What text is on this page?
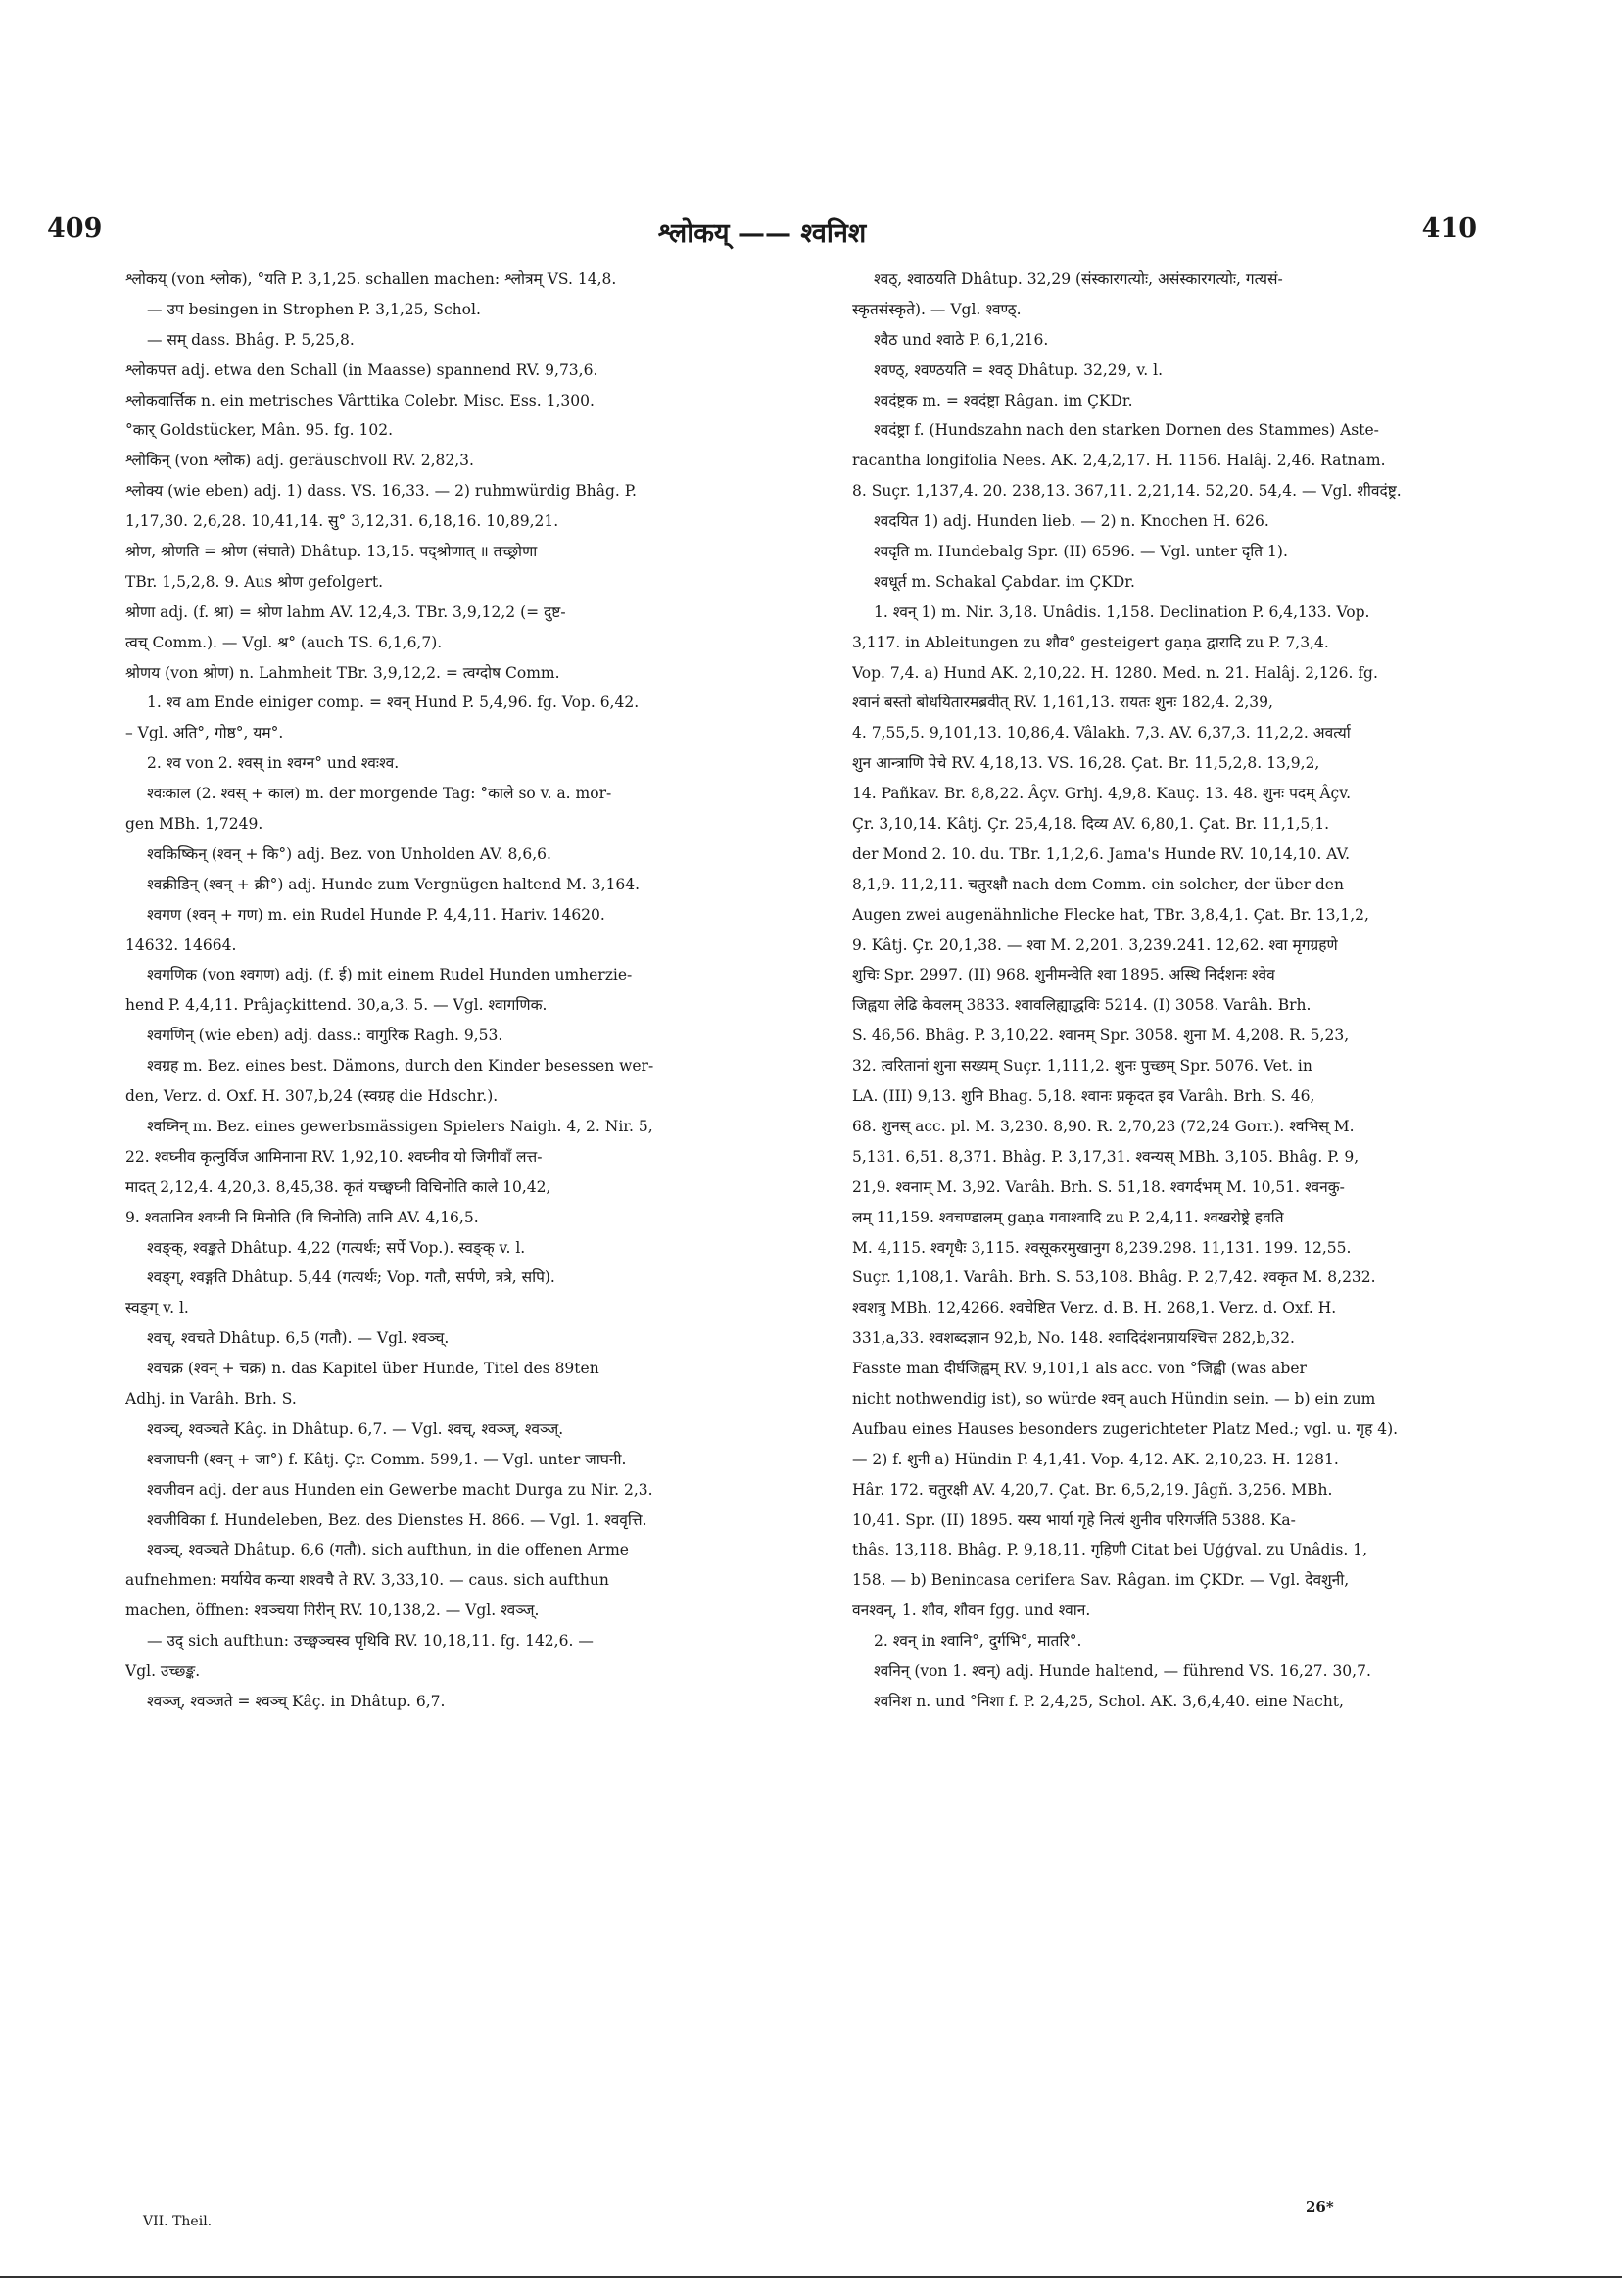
409	श्लोकय् —— श्वनिश	410
श्लोकय् (von श्लोक), °यति P. 3,1,25. schallen machen: श्लोत्रम् VS. 14,8.
— उप besingen in Strophen P. 3,1,25, Schol.
— सम् dass. Bhâg. P. 5,25,8.
श्लोकपत्त adj. etwa den Schall (in Maasse) spannend RV. 9,73,6.
श्लोकवार्त्तिक n. ein metrisches Vârttika Colebr. Misc. Ess. 1,300.
°कार् Goldstücker, Mân. 95. fg. 102.
श्लोकिन् (von श्लोक) adj. geräuschvoll RV. 2,82,3.
श्लोक्य (wie eben) adj. 1) dass. VS. 16,33. — 2) ruhmwürdig Bhâg. P.
1,17,30. 2,6,28. 10,41,14. सु° 3,12,31. 6,18,16. 10,89,21.
श्रोण, श्रोणति = श्रोण (संघाते) Dhâtup. 13,15. पद्श्रोणात् ॥ तच्छ्रोणा
TBr. 1,5,2,8. 9. Aus श्रोण gefolgert.
श्रोणा adj. (f. श्रा) = श्रोण lahm AV. 12,4,3. TBr. 3,9,12,2 (= दुष्ट-
त्वच् Comm.). — Vgl. श्र° (auch TS. 6,1,6,7).
श्रोणय (von श्रोण) n. Lahmheit TBr. 3,9,12,2. = त्वग्दोष Comm.
1. श्व am Ende einiger comp. = श्वन् Hund P. 5,4,96. fg. Vop. 6,42.
– Vgl. अति°, गोष्ठ°, यम°.
2. श्व von 2. श्वस् in श्वग्न° und श्वःश्व.
श्वःकाल (2. श्वस् + काल) m. der morgende Tag: °काले so v. a. mor-
gen MBh. 1,7249.
श्वकिष्किन् (श्वन् + कि°) adj. Bez. von Unholden AV. 8,6,6.
श्वक्रीडिन् (श्वन् + क्री°) adj. Hunde zum Vergnügen haltend M. 3,164.
श्वगण (श्वन् + गण) m. ein Rudel Hunde P. 4,4,11. Hariv. 14620.
14632. 14664.
श्वगणिक (von श्वगण) adj. (f. ई) mit einem Rudel Hunden umherzie-
hend P. 4,4,11. Prâjaçkittend. 30,a,3. 5. — Vgl. श्वागणिक.
श्वगणिन् (wie eben) adj. dass.: वागुरिक Ragh. 9,53.
श्वग्रह m. Bez. eines best. Dämons, durch den Kinder besessen wer-
den, Verz. d. Oxf. H. 307,b,24 (स्वग्रह die Hdschr.).
श्वघ्निन् m. Bez. eines gewerbsmässigen Spielers Naigh. 4, 2. Nir. 5,
22. श्वघ्नीव कृत्नुर्विज आमिनाना RV. 1,92,10. श्वघ्नीव यो जिगीवाँ लत्त-
मादत् 2,12,4. 4,20,3. 8,45,38. कृतं यच्छ्वघ्नी विचिनोति काले 10,42,
9. श्वतानिव श्वघ्नी नि मिनोति (वि चिनोति) तानि AV. 4,16,5.
श्वङ्क्, श्वङ्कते Dhâtup. 4,22 (गत्यर्थः; सर्पे Vop.). स्वङ्क् v. l.
श्वङ्ग्, श्वङ्गति Dhâtup. 5,44 (गत्यर्थः; Vop. गतौ, सर्पणे, त्रत्रे, सपि).
स्वङ्ग् v. l.
श्वच्, श्वचते Dhâtup. 6,5 (गतौ). — Vgl. श्वञ्च्.
श्वचक्र (श्वन् + चक्र) n. das Kapitel über Hunde, Titel des 89ten
Adhj. in Varâh. Brh. S.
श्वञ्च्, श्वञ्चते Kâç. in Dhâtup. 6,7. — Vgl. श्वच्, श्वञ्ज्, श्वञ्ज्.
श्वजाघनी (श्वन् + जा°) f. Kâtj. Çr. Comm. 599,1. — Vgl. unter जाघनी.
श्वजीवन adj. der aus Hunden ein Gewerbe macht Durga zu Nir. 2,3.
श्वजीविका f. Hundeleben, Bez. des Dienstes H. 866. — Vgl. 1. श्ववृत्ति.
श्वञ्च्, श्वञ्चते Dhâtup. 6,6 (गतौ). sich aufthun, in die offenen Arme
aufnehmen: मर्यायेव कन्या शश्वचै ते RV. 3,33,10. — caus. sich aufthun
machen, öffnen: श्वञ्चया गिरीन् RV. 10,138,2. — Vgl. श्वञ्ज्.
— उद् sich aufthun: उच्छ्वञ्चस्व पृथिवि RV. 10,18,11. fg. 142,6. —
Vgl. उच्छ्ङ्क.
श्वञ्ज्, श्वञ्जते = श्वञ्च् Kâç. in Dhâtup. 6,7.
श्वठ्, श्वाठयति Dhâtup. 32,29 (संस्कारगत्योः, असंस्कारगत्योः, गत्यसं-
स्कृतसंस्कृते). — Vgl. श्वण्ठ्.
श्वैठ und श्वाठे P. 6,1,216.
श्वण्ठ्, श्वण्ठयति = श्वठ् Dhâtup. 32,29, v. l.
श्वदंष्ट्रक m. = श्वदंष्ट्रा Râgan. im ÇKDr.
श्वदंष्ट्रा f. (Hundszahn nach den starken Dornen des Stammes) Aste-
racantha longifolia Nees. AK. 2,4,2,17. H. 1156. Halâj. 2,46. Ratnam.
8. Suçr. 1,137,4. 20. 238,13. 367,11. 2,21,14. 52,20. 54,4. — Vgl. शीवदंष्ट्र.
श्वदयित 1) adj. Hunden lieb. — 2) n. Knochen H. 626.
श्वदृति m. Hundebalg Spr. (II) 6596. — Vgl. unter दृति 1).
श्वधूर्त m. Schakal Çabdar. im ÇKDr.
1. श्वन् 1) m. Nir. 3,18. Unâdis. 1,158. Declination P. 6,4,133. Vop.
3,117. in Ableitungen zu शौव° gesteigert gaṇa द्वारादि zu P. 7,3,4.
Vop. 7,4. a) Hund AK. 2,10,22. H. 1280. Med. n. 21. Halâj. 2,126. fg.
श्वानं बस्तो बोधयितारमब्रवीत् RV. 1,161,13. रायतः शुनः 182,4. 2,39,
4. 7,55,5. 9,101,13. 10,86,4. Vâlakh. 7,3. AV. 6,37,3. 11,2,2. अवर्त्या
शुन आन्त्राणि पेचे RV. 4,18,13. VS. 16,28. Çat. Br. 11,5,2,8. 13,9,2,
14. Pañkav. Br. 8,8,22. Âçv. Grhj. 4,9,8. Kauç. 13. 48. शुनः पदम् Âçv.
Çr. 3,10,14. Kâtj. Çr. 25,4,18. दिव्य AV. 6,80,1. Çat. Br. 11,1,5,1.
der Mond 2. 10. du. TBr. 1,1,2,6. Jama's Hunde RV. 10,14,10. AV.
8,1,9. 11,2,11. चतुरक्षौ nach dem Comm. ein solcher, der über den
Augen zwei augenähnliche Flecke hat, TBr. 3,8,4,1. Çat. Br. 13,1,2,
9. Kâtj. Çr. 20,1,38. — श्वा M. 2,201. 3,239.241. 12,62. श्वा मृगग्रहणे
शुचिः Spr. 2997. (II) 968. शुनीमन्वेति श्वा 1895. अस्थि निर्दशनः श्वेव
जिह्वया लेढि केवलम् 3833. श्वावलिह्याद्धविः 5214. (I) 3058. Varâh. Brh.
S. 46,56. Bhâg. P. 3,10,22. श्वानम् Spr. 3058. शुना M. 4,208. R. 5,23,
32. त्वरितानां शुना सख्यम् Suçr. 1,111,2. शुनः पुच्छम् Spr. 5076. Vet. in
LA. (III) 9,13. शुनि Bhag. 5,18. श्वानः प्रकृदत इव Varâh. Brh. S. 46,
68. शुनस् acc. pl. M. 3,230. 8,90. R. 2,70,23 (72,24 Gorr.). श्वभिस् M.
5,131. 6,51. 8,371. Bhâg. P. 3,17,31. श्वन्यस् MBh. 3,105. Bhâg. P. 9,
21,9. श्वनाम् M. 3,92. Varâh. Brh. S. 51,18. श्वगर्दभम् M. 10,51. श्वनकु-
लम् 11,159. श्वचण्डालम् gaṇa गवाश्वादि zu P. 2,4,11. श्वखरोष्ट्रे हवति
M. 4,115. श्वगृधैः 3,115. श्वसूकरमुखानुग 8,239.298. 11,131. 199. 12,55.
Suçr. 1,108,1. Varâh. Brh. S. 53,108. Bhâg. P. 2,7,42. श्वकृत M. 8,232.
श्वशत्रु MBh. 12,4266. श्वचेष्टित Verz. d. B. H. 268,1. Verz. d. Oxf. H.
331,a,33. श्वशब्दज्ञान 92,b, No. 148. श्वादिदंशनप्रायश्चित्त 282,b,32.
Fasste man दीर्घजिह्वम् RV. 9,101,1 als acc. von °जिह्वी (was aber
nicht nothwendig ist), so würde श्वन् auch Hündin sein. — b) ein zum
Aufbau eines Hauses besonders zugerichteter Platz Med.; vgl. u. गृह 4).
— 2) f. शुनी a) Hündin P. 4,1,41. Vop. 4,12. AK. 2,10,23. H. 1281.
Hâr. 172. चतुरक्षी AV. 4,20,7. Çat. Br. 6,5,2,19. Jâgñ. 3,256. MBh.
10,41. Spr. (II) 1895. यस्य भार्या गृहे नित्यं शुनीव परिगर्जति 5388. Ka-
thâs. 13,118. Bhâg. P. 9,18,11. गृहिणी Citat bei Uģģval. zu Unâdis. 1,
158. — b) Benincasa cerifera Sav. Râgan. im ÇKDr. — Vgl. देवशुनी,
वनश्वन्, 1. शौव, शौवन fgg. und श्वान.
2. श्वन् in श्वानि°, दुर्गभि°, मातरि°.
श्वनिन् (von 1. श्वन्) adj. Hunde haltend, — führend VS. 16,27. 30,7.
श्वनिश n. und °निशा f. P. 2,4,25, Schol. AK. 3,6,4,40. eine Nacht,
VII. Theil.
26*
